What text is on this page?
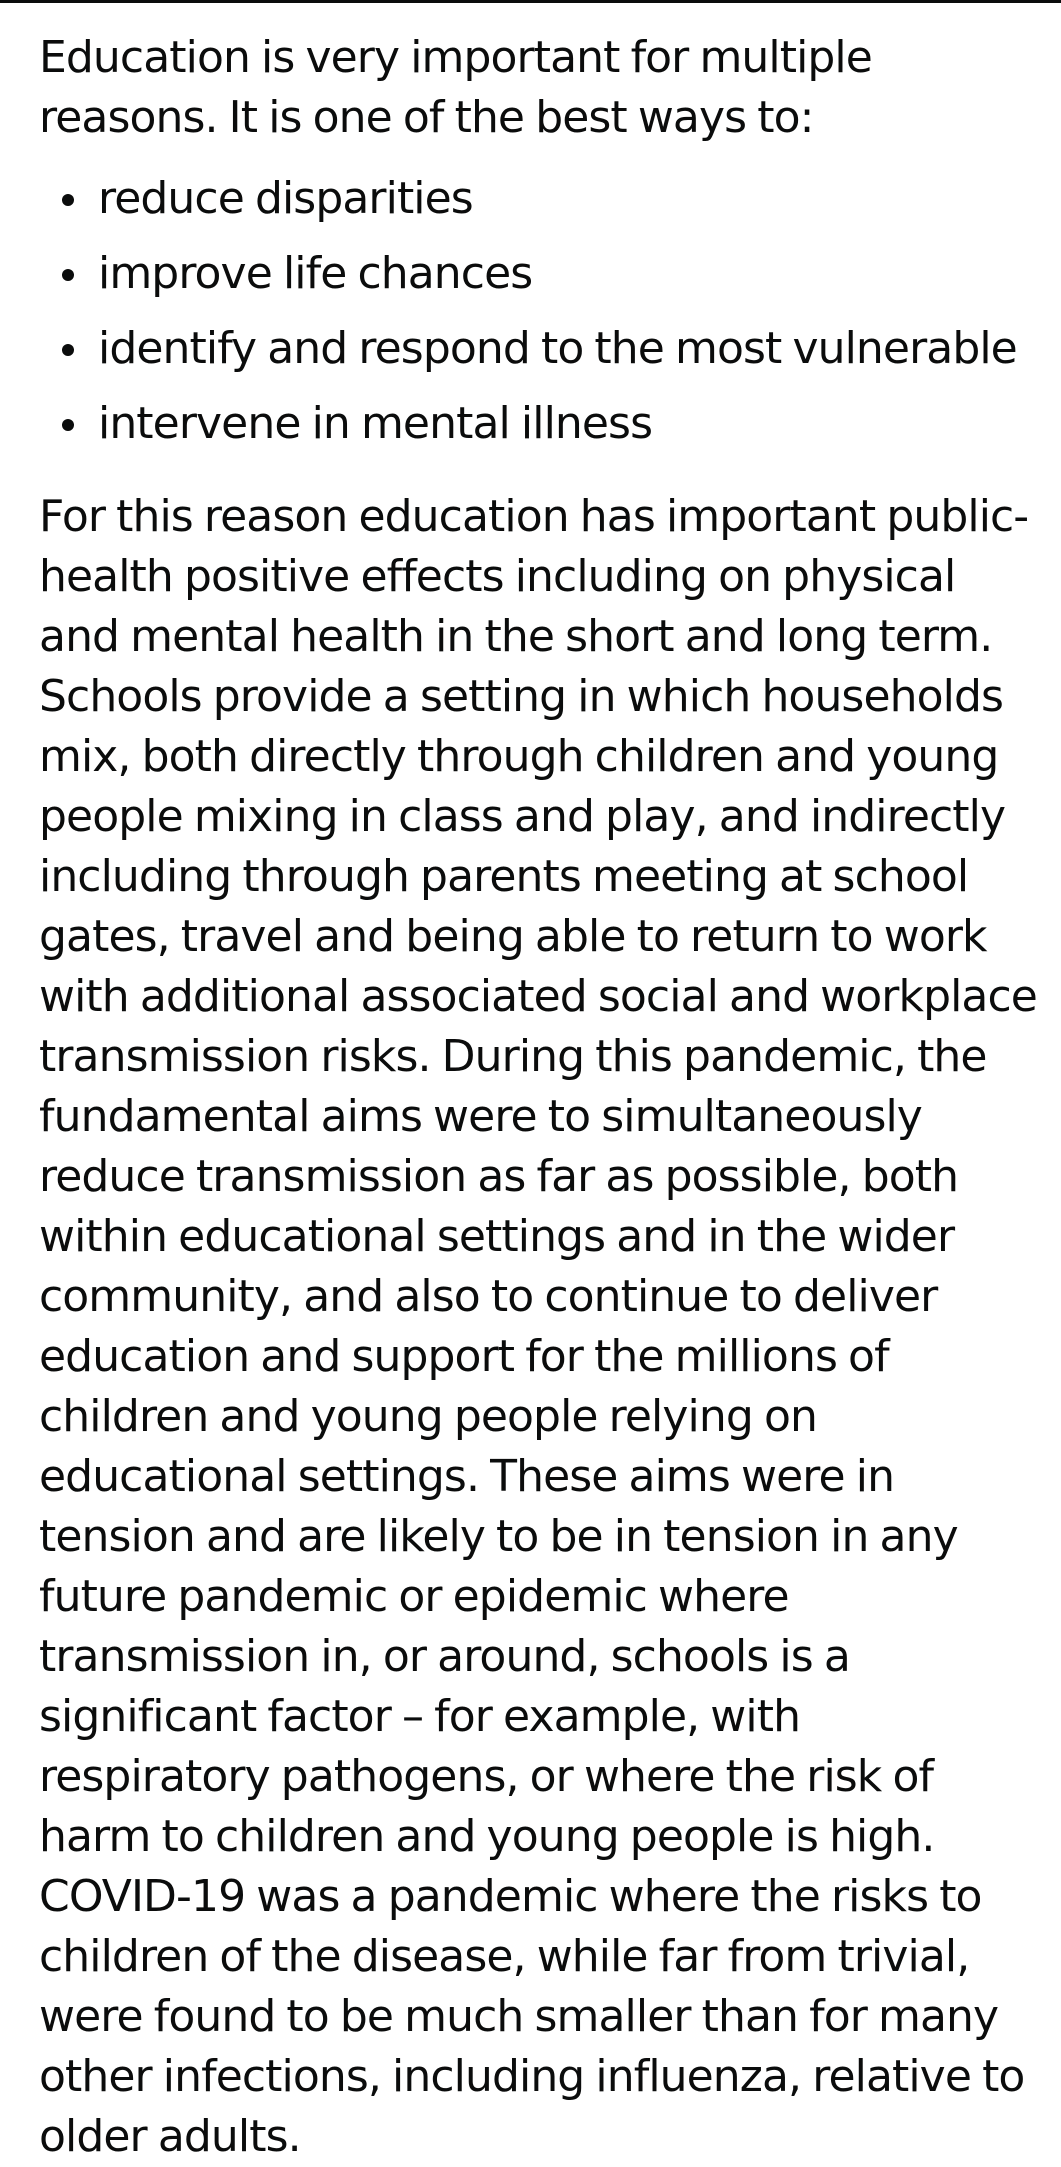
Education is very important for multiple reasons. It is one of the best ways to:

reduce disparities
improve life chances
identify and respond to the most vulnerable
intervene in mental illness

For this reason education has important public-health positive effects including on physical and mental health in the short and long term. Schools provide a setting in which households mix, both directly through children and young people mixing in class and play, and indirectly including through parents meeting at school gates, travel and being able to return to work with additional associated social and workplace transmission risks. During this pandemic, the fundamental aims were to simultaneously reduce transmission as far as possible, both within educational settings and in the wider community, and also to continue to deliver education and support for the millions of children and young people relying on educational settings. These aims were in tension and are likely to be in tension in any future pandemic or epidemic where transmission in, or around, schools is a significant factor – for example, with respiratory pathogens, or where the risk of harm to children and young people is high. COVID-19 was a pandemic where the risks to children of the disease, while far from trivial, were found to be much smaller than for many other infections, including influenza, relative to older adults.
